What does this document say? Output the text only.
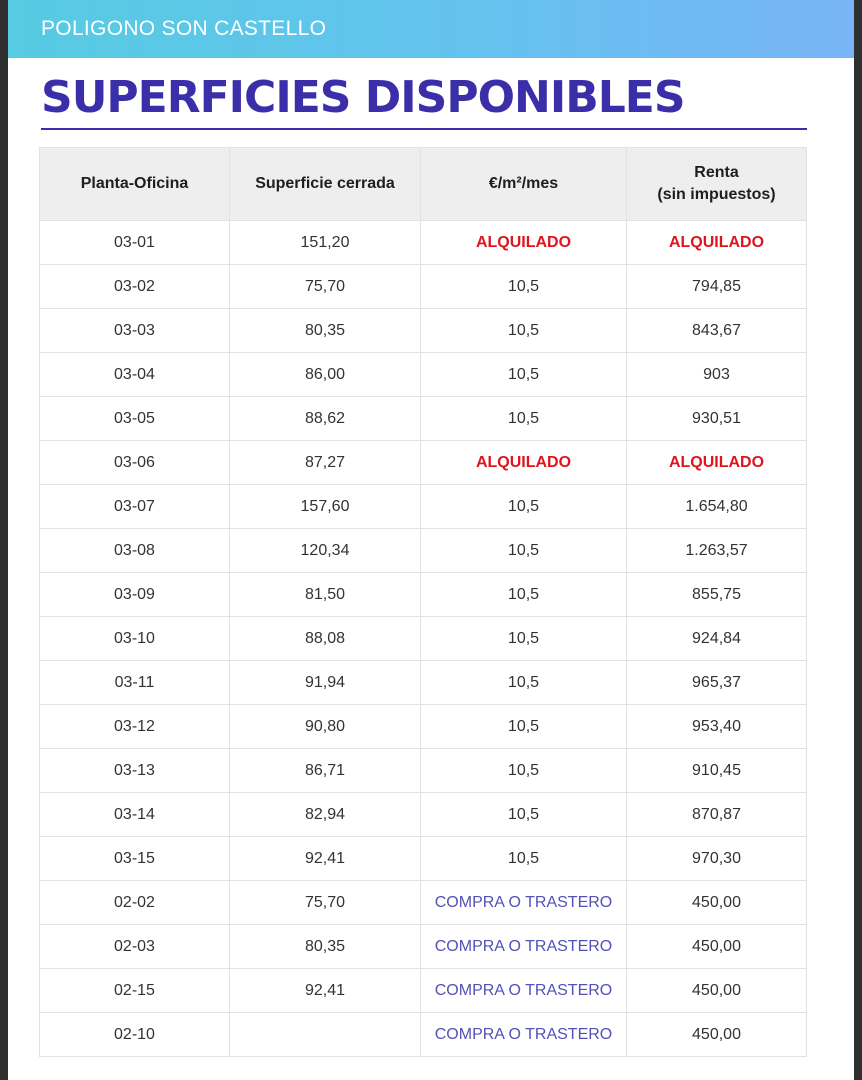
POLIGONO SON CASTELLO
SUPERFICIES DISPONIBLES
Planta-Oficina	Superficie cerrada	€/m²/mes	Renta
(sin impuestos)
03-01	151,20	ALQUILADO	ALQUILADO
03-02	75,70	10,5	794,85
03-03	80,35	10,5	843,67
03-04	86,00	10,5	903
03-05	88,62	10,5	930,51
03-06	87,27	ALQUILADO	ALQUILADO
03-07	157,60	10,5	1.654,80
03-08	120,34	10,5	1.263,57
03-09	81,50	10,5	855,75
03-10	88,08	10,5	924,84
03-11	91,94	10,5	965,37
03-12	90,80	10,5	953,40
03-13	86,71	10,5	910,45
03-14	82,94	10,5	870,87
03-15	92,41	10,5	970,30
02-02	75,70	COMPRA O TRASTERO	450,00
02-03	80,35	COMPRA O TRASTERO	450,00
02-15	92,41	COMPRA O TRASTERO	450,00
02-10		COMPRA O TRASTERO	450,00
